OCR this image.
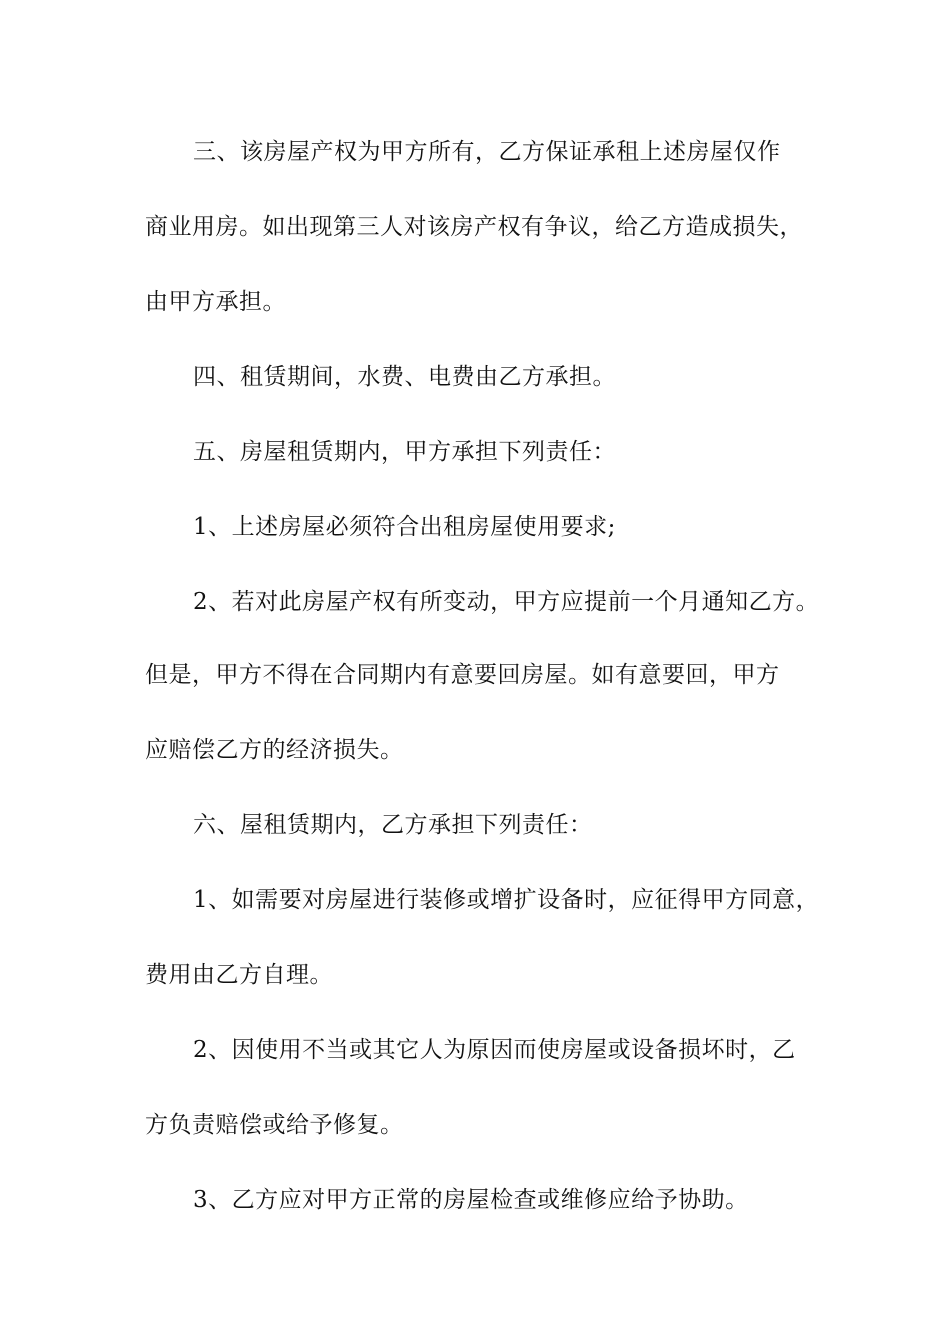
三、该房屋产权为甲方所有，乙方保证承租上述房屋仅作
商业用房。如出现第三人对该房产权有争议，给乙方造成损失，
由甲方承担。
四、租赁期间，水费、电费由乙方承担。
五、房屋租赁期内，甲方承担下列责任：
1、上述房屋必须符合出租房屋使用要求;
2、若对此房屋产权有所变动，甲方应提前一个月通知乙方。
但是，甲方不得在合同期内有意要回房屋。如有意要回，甲方
应赔偿乙方的经济损失。
六、屋租赁期内，乙方承担下列责任：
1、如需要对房屋进行装修或增扩设备时，应征得甲方同意，
费用由乙方自理。
2、因使用不当或其它人为原因而使房屋或设备损坏时，乙
方负责赔偿或给予修复。
3、乙方应对甲方正常的房屋检查或维修应给予协助。
